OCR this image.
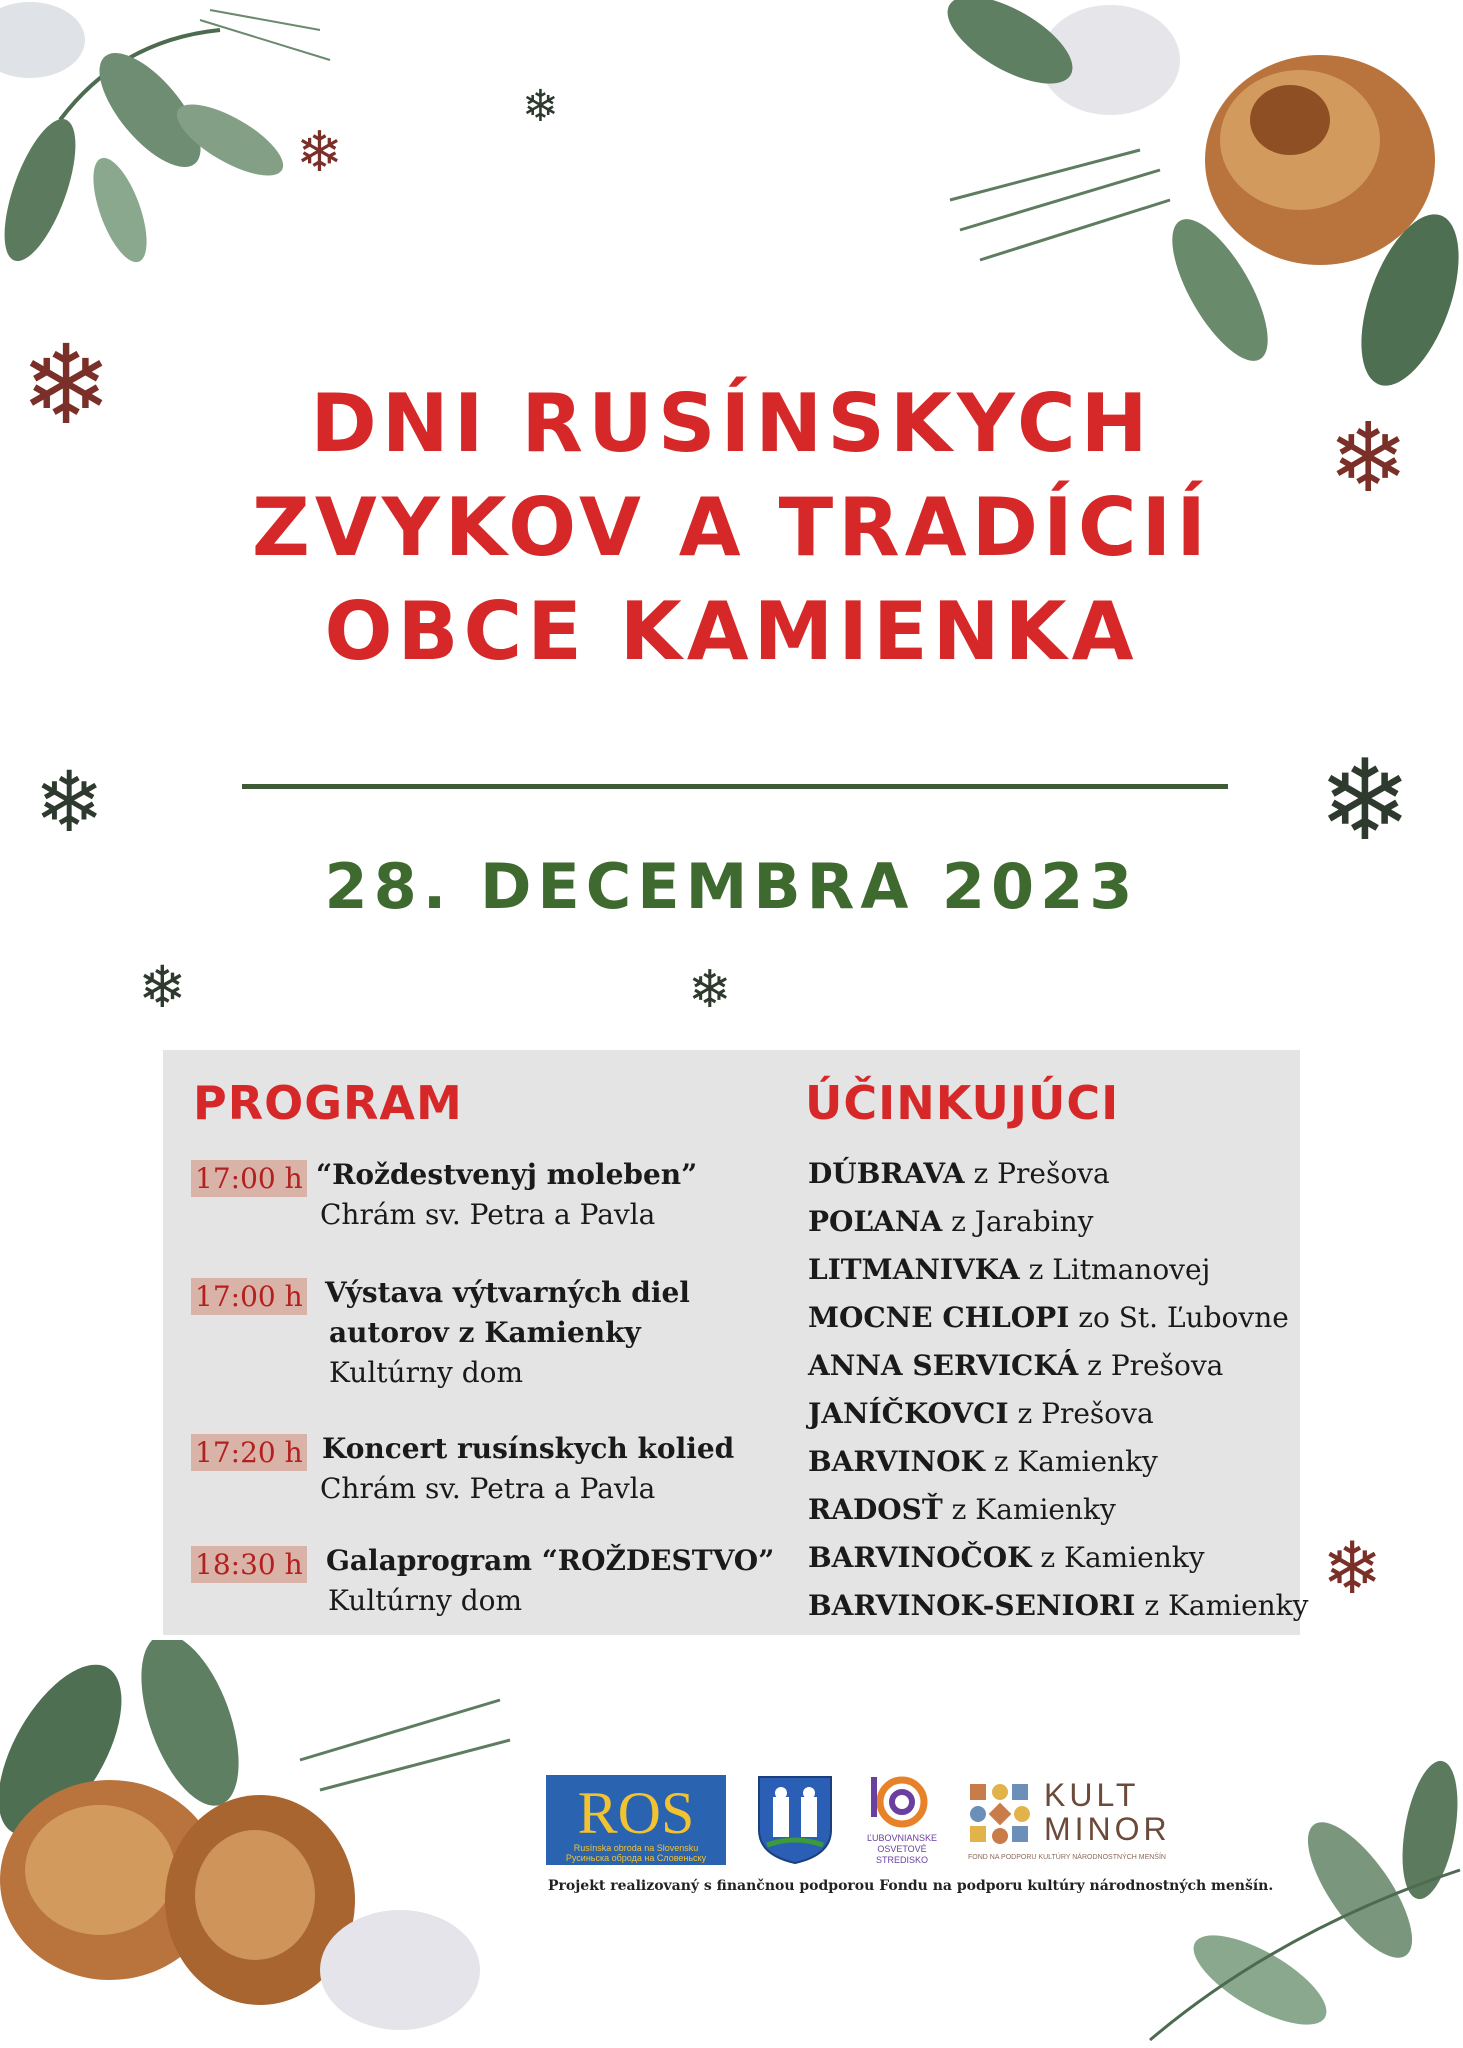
❄
❄
❄
❄
❄	❄
❄	❄
❄
DNI RUSÍNSKYCH
ZVYKOV A TRADÍCIÍ
OBCE KAMIENKA
28. DECEMBRA 2023
PROGRAM	ÚČINKUJÚCI
17:00 h “Roždestvenyj moleben”
Chrám sv. Petra a Pavla
17:00 h Výstava výtvarných diel
autorov z Kamienky
Kultúrny dom
17:20 h Koncert rusínskych kolied
Chrám sv. Petra a Pavla
18:30 h Galaprogram “ROŽDESTVO”
Kultúrny dom
DÚBRAVA z Prešova
POĽANA z Jarabiny
LITMANIVKA z Litmanovej
MOCNE CHLOPI zo St. Ľubovne
ANNA SERVICKÁ z Prešova
JANÍČKOVCI z Prešova
BARVINOK z Kamienky
RADOSŤ z Kamienky
BARVINOČOK z Kamienky
BARVINOK-SENIORI z Kamienky
ROS
Rusínska obroda na Slovensku
Русиньска оброда на Словеньску
ĽUBOVNIANSKE
OSVETOVÉ
STREDISKO
KULT
MINOR
FOND NA PODPORU KULTÚRY NÁRODNOSTNÝCH MENŠÍN
Projekt realizovaný s finančnou podporou Fondu na podporu kultúry národnostných menšín.
